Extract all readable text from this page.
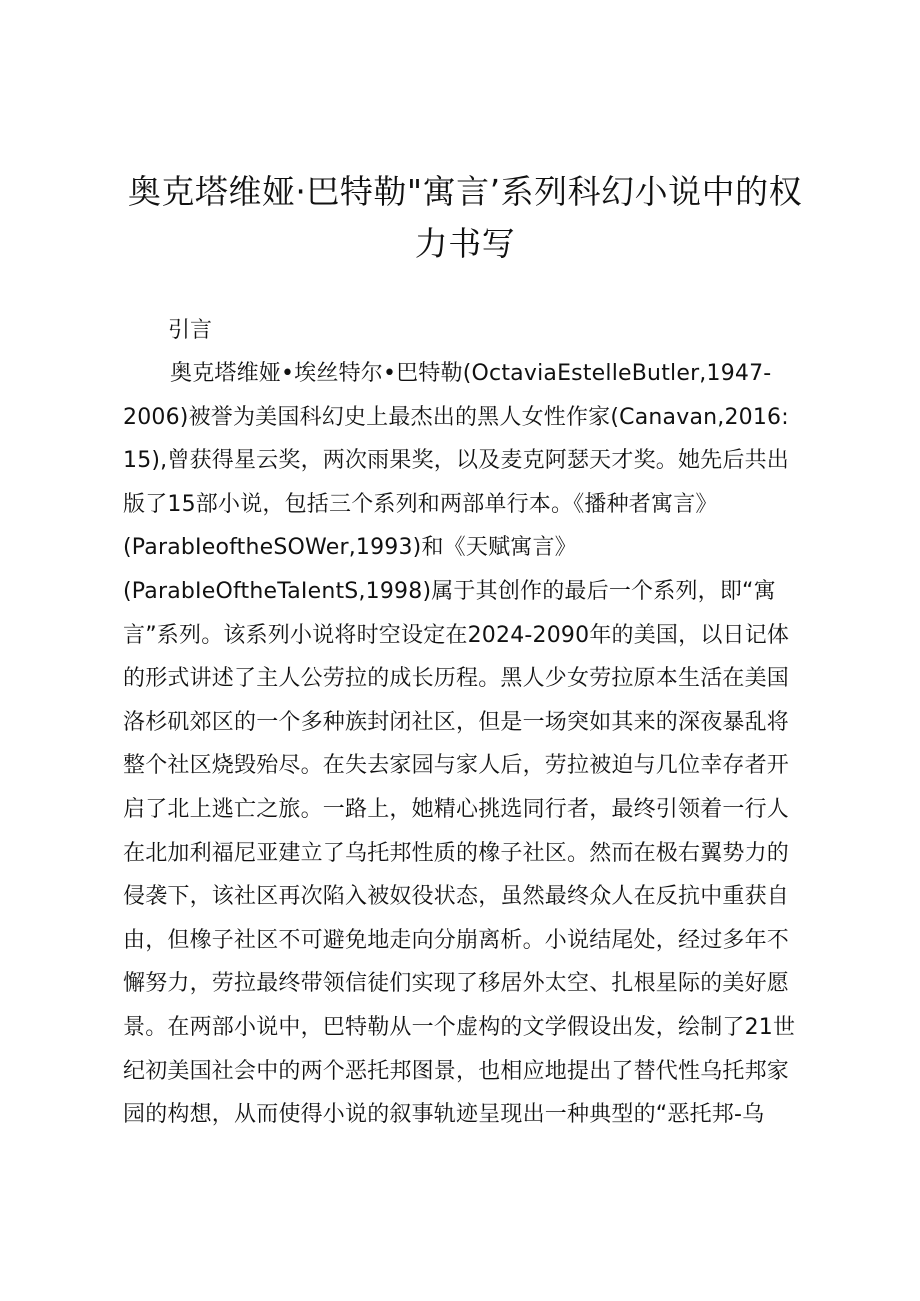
奥克塔维娅·巴特勒"寓言’系列科幻小说中的权
力书写
引言
奥克塔维娅•埃丝特尔•巴特勒(OctaviaEstelleButler,1947-
2006)被誉为美国科幻史上最杰出的黑人女性作家(Canavan,2016:
15),曾获得星云奖，两次雨果奖，以及麦克阿瑟天才奖。她先后共出
版了15部小说，包括三个系列和两部单行本。《播种者寓言》
(ParabIeoftheSOWer,1993)和《天赋寓言》
(ParabIeOftheTaIentS,1998)属于其创作的最后一个系列，即“寓
言”系列。该系列小说将时空设定在2024-2090年的美国，以日记体
的形式讲述了主人公劳拉的成长历程。黑人少女劳拉原本生活在美国
洛杉矶郊区的一个多种族封闭社区，但是一场突如其来的深夜暴乱将
整个社区烧毁殆尽。在失去家园与家人后，劳拉被迫与几位幸存者开
启了北上逃亡之旅。一路上，她精心挑选同行者，最终引领着一行人
在北加利福尼亚建立了乌托邦性质的橡子社区。然而在极右翼势力的
侵袭下，该社区再次陷入被奴役状态，虽然最终众人在反抗中重获自
由，但橡子社区不可避免地走向分崩离析。小说结尾处，经过多年不
懈努力，劳拉最终带领信徒们实现了移居外太空、扎根星际的美好愿
景。在两部小说中，巴特勒从一个虚构的文学假设出发，绘制了21世
纪初美国社会中的两个恶托邦图景，也相应地提出了替代性乌托邦家
园的构想，从而使得小说的叙事轨迹呈现出一种典型的“恶托邦-乌
